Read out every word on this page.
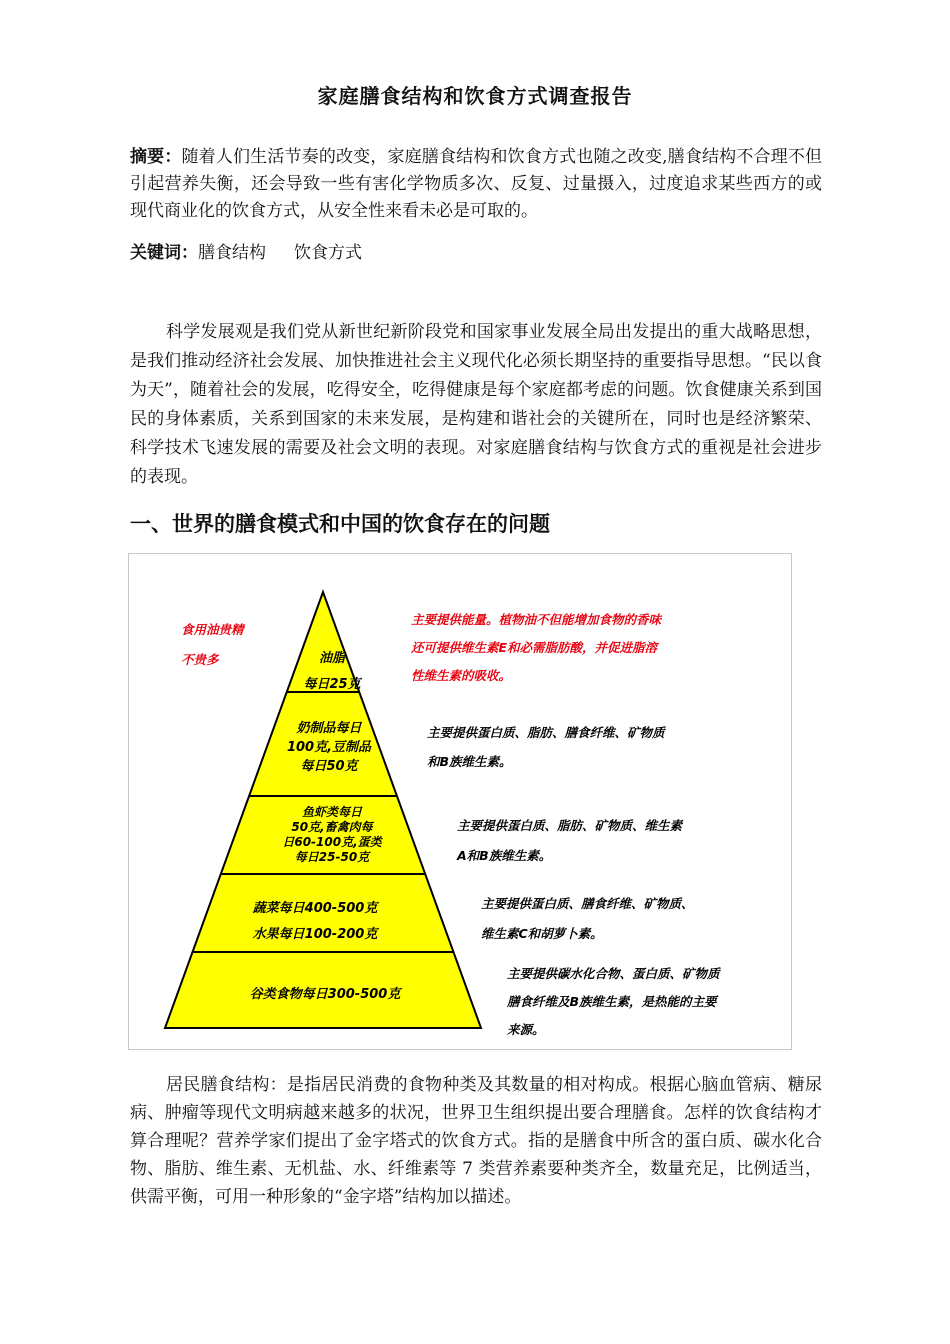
家庭膳食结构和饮食方式调查报告
摘要：随着人们生活节奏的改变，家庭膳食结构和饮食方式也随之改变,膳食结构不合理不但引起营养失衡，还会导致一些有害化学物质多次、反复、过量摄入，过度追求某些西方的或现代商业化的饮食方式，从安全性来看未必是可取的。
关键词：膳食结构 饮食方式
科学发展观是我们党从新世纪新阶段党和国家事业发展全局出发提出的重大战略思想，是我们推动经济社会发展、加快推进社会主义现代化必须长期坚持的重要指导思想。“民以食为天”，随着社会的发展，吃得安全，吃得健康是每个家庭都考虑的问题。饮食健康关系到国民的身体素质，关系到国家的未来发展，是构建和谐社会的关键所在，同时也是经济繁荣、科学技术飞速发展的需要及社会文明的表现。对家庭膳食结构与饮食方式的重视是社会进步的表现。
一、世界的膳食模式和中国的饮食存在的问题
油脂
每日25克
主要提供能量。植物油不但能增加食物的香味
还可提供维生素E和必需脂肪酸，并促进脂溶
性维生素的吸收。
奶制品每日
100克,豆制品
每日50克
主要提供蛋白质、脂肪、膳食纤维、矿物质
和B族维生素。
鱼虾类每日
50克,畜禽肉每
日60-100克,蛋类
每日25-50克
主要提供蛋白质、脂肪、矿物质、维生素
A和B族维生素。
蔬菜每日400-500克
水果每日100-200克
主要提供蛋白质、膳食纤维、矿物质、
维生素C和胡萝卜素。
谷类食物每日300-500克
主要提供碳水化合物、蛋白质、矿物质
膳食纤维及B族维生素，是热能的主要
来源。
食用油贵精
不贵多
居民膳食结构：是指居民消费的食物种类及其数量的相对构成。根据心脑血管病、糖尿病、肿瘤等现代文明病越来越多的状况，世界卫生组织提出要合理膳食。怎样的饮食结构才算合理呢？营养学家们提出了金字塔式的饮食方式。指的是膳食中所含的蛋白质、碳水化合物、脂肪、维生素、无机盐、水、纤维素等 7 类营养素要种类齐全，数量充足，比例适当，供需平衡，可用一种形象的“金字塔”结构加以描述。
